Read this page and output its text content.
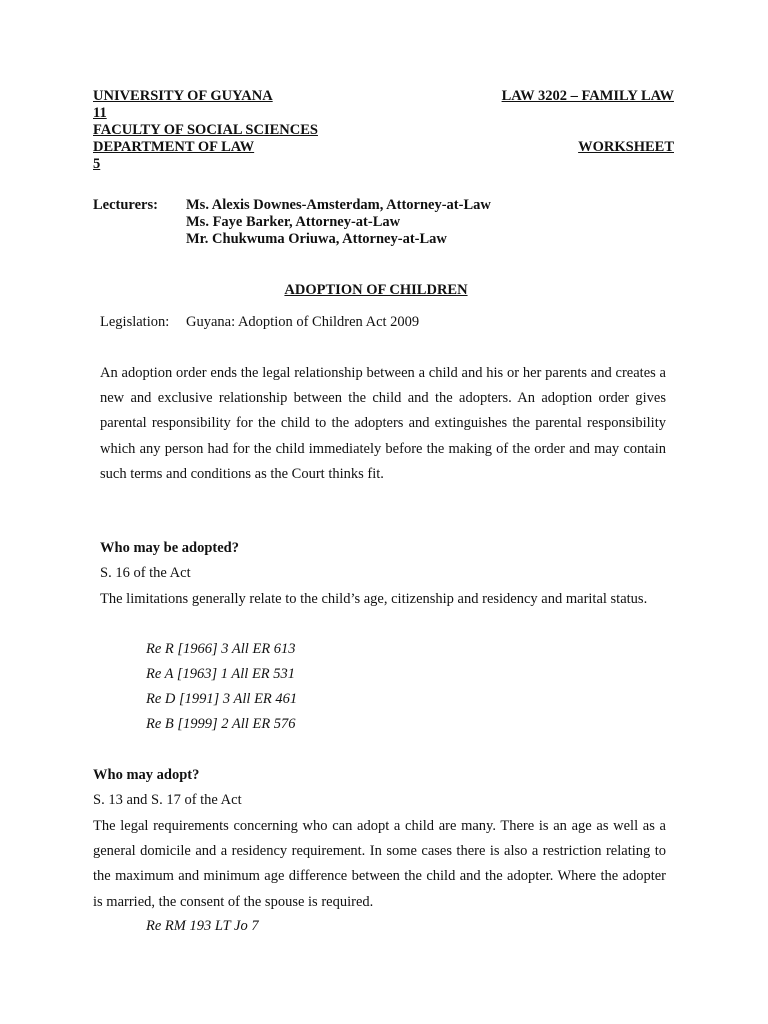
UNIVERSITY OF GUYANA	LAW 3202 – FAMILY LAW
11
FACULTY OF SOCIAL SCIENCES
DEPARTMENT OF LAW	WORKSHEET
5
Lecturers: Ms. Alexis Downes-Amsterdam, Attorney-at-Law
Ms. Faye Barker, Attorney-at-Law
Mr. Chukwuma Oriuwa, Attorney-at-Law
ADOPTION OF CHILDREN
Legislation: Guyana: Adoption of Children Act 2009
An adoption order ends the legal relationship between a child and his or her parents and creates a new and exclusive relationship between the child and the adopters. An adoption order gives parental responsibility for the child to the adopters and extinguishes the parental responsibility which any person had for the child immediately before the making of the order and may contain such terms and conditions as the Court thinks fit.
Who may be adopted?
S. 16 of the Act
The limitations generally relate to the child’s age, citizenship and residency and marital status.
Re R [1966] 3 All ER 613
Re A [1963] 1 All ER 531
Re D [1991] 3 All ER 461
Re B [1999] 2 All ER 576
Who may adopt?
S. 13 and S. 17 of the Act
The legal requirements concerning who can adopt a child are many. There is an age as well as a general domicile and a residency requirement. In some cases there is also a restriction relating to the maximum and minimum age difference between the child and the adopter. Where the adopter is married, the consent of the spouse is required.
Re RM 193 LT Jo 7
